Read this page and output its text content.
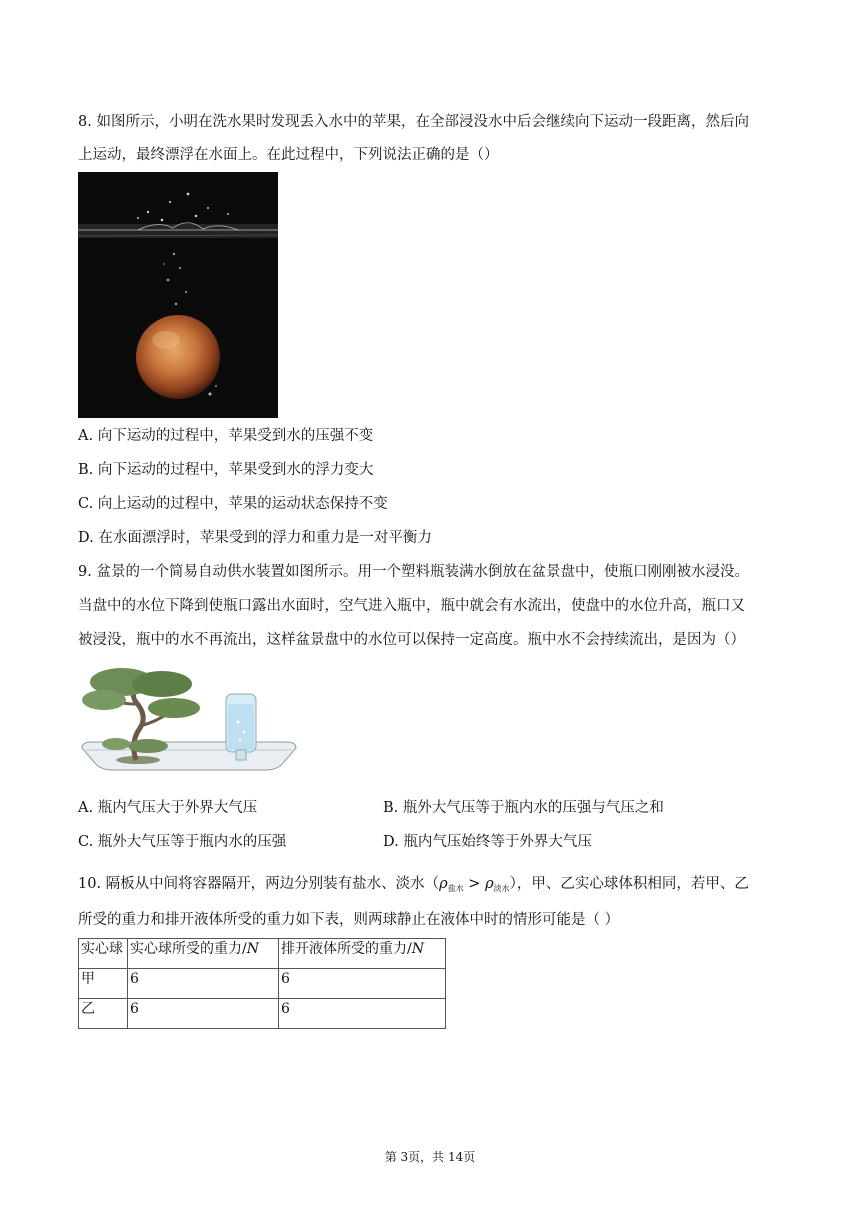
8. 如图所示，小明在洗水果时发现丢入水中的苹果，在全部浸没水中后会继续向下运动一段距离，然后向
上运动，最终漂浮在水面上。在此过程中，下列说法正确的是（）
A. 向下运动的过程中，苹果受到水的压强不变
B. 向下运动的过程中，苹果受到水的浮力变大
C. 向上运动的过程中，苹果的运动状态保持不变
D. 在水面漂浮时，苹果受到的浮力和重力是一对平衡力
9. 盆景的一个简易自动供水装置如图所示。用一个塑料瓶装满水倒放在盆景盘中，使瓶口刚刚被水浸没。
当盘中的水位下降到使瓶口露出水面时，空气进入瓶中，瓶中就会有水流出，使盘中的水位升高，瓶口又
被浸没，瓶中的水不再流出，这样盆景盘中的水位可以保持一定高度。瓶中水不会持续流出，是因为（）
A. 瓶内气压大于外界大气压	B. 瓶外大气压等于瓶内水的压强与气压之和
C. 瓶外大气压等于瓶内水的压强	D. 瓶内气压始终等于外界大气压
10. 隔板从中间将容器隔开，两边分别装有盐水、淡水$(\rho_{盐水} > \rho_{淡水})$，甲、乙实心球体积相同，若甲、乙
所受的重力和排开液体所受的重力如下表，则两球静止在液体中时的情形可能是（ ）
实心球	实心球所受的重力/N	排开液体所受的重力/N
甲	6	6
乙	6	6
第 3页，共 14页
